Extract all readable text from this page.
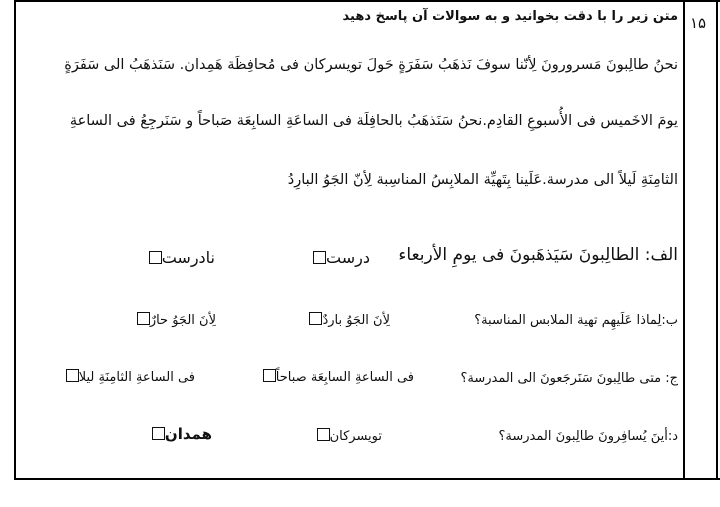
۱۵
متن زیر را با دقت بخوانید و به سوالات آن پاسخ دهید
نحنُ طالِبونَ مَسرورونَ لِأنّنا سوفَ نَذهَبُ سَفَرَةٍ حَولَ تویسرکان فی مُحافِظَة هَمِدان. سَنَذهَبُ الی سَفَرَةٍ
یومَ الاخَمیس فی الأُسبوعِ القادِم.نحنُ سَنَذهَبُ بالحافِلَة فی الساعَةِ السابِعَة صَباحاً و سَنَرجِعُ فی الساعةِ
الثامِنَةِ لَیلاً الی مدرسة.عَلَینا بِتَهیِّة الملابِسُ المناسِبة لِأنّ الجَوُ البارِدُ
الف: الطالِبونَ سَیَذهَبونَ فی یومِ الأربعاء
درست
نادرست
ب:لِماذا عَلَیهِم تهیة الملابس المناسبة؟
لِأنَ الجَوُ باردٌ
لِأنَ الجَوُ حارٌ
ج: متی طالِبونَ سَنَرجَعونَ الی المدرسة؟
فی الساعةِ السابِعَة صباحاً
فی الساعةِ الثامِنَةِ لیلا
د:أینَ یُسافِرونَ طالِبونَ المدرسة؟
تویسرکان
همدان
